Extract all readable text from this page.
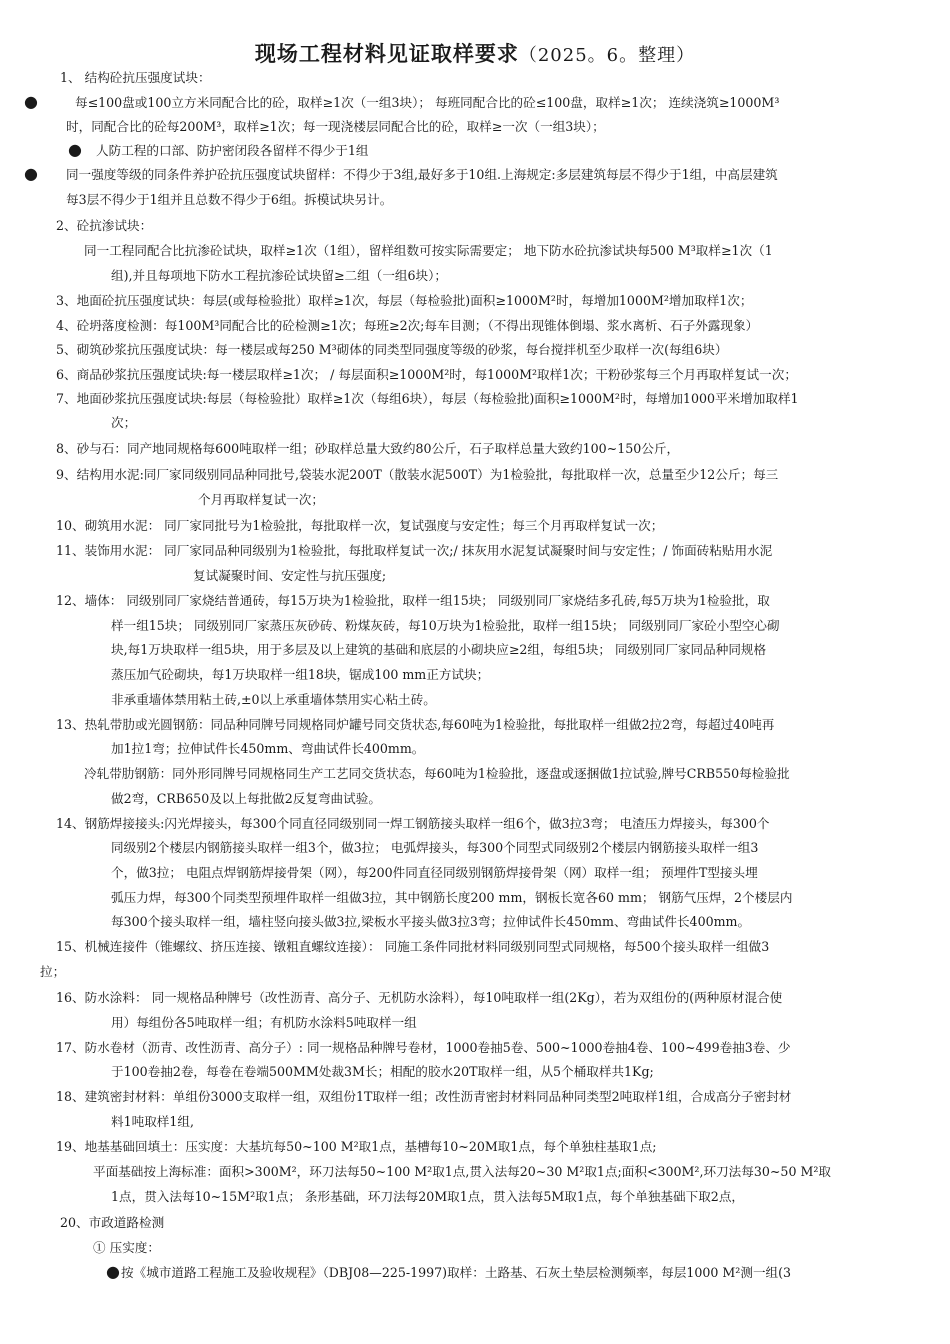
现场工程材料见证取样要求（2025。6。整理）
1、 结构砼抗压强度试块：
每≤100盘或100立方米同配合比的砼，取样≥1次（一组3块）； 每班同配合比的砼≤100盘，取样≥1次； 连续浇筑≥1000M³
时，同配合比的砼每200M³，取样≥1次；每一现浇楼层同配合比的砼，取样≥一次（一组3块）；
人防工程的口部、防护密闭段各留样不得少于1组
同一强度等级的同条件养护砼抗压强度试块留样：不得少于3组,最好多于10组.上海规定:多层建筑每层不得少于1组，中高层建筑
每3层不得少于1组并且总数不得少于6组。拆模试块另计。
2、砼抗渗试块：
同一工程同配合比抗渗砼试块，取样≥1次（1组），留样组数可按实际需要定； 地下防水砼抗渗试块每500 M³取样≥1次（1
组),并且每项地下防水工程抗渗砼试块留≥二组（一组6块）；
3、地面砼抗压强度试块：每层(或每检验批）取样≥1次，每层（每检验批)面积≥1000M²时，每增加1000M²增加取样1次；
4、砼坍落度检测：每100M³同配合比的砼检测≥1次；每班≥2次;每车目测；（不得出现锥体倒塌、浆水离析、石子外露现象）
5、砌筑砂浆抗压强度试块：每一楼层或每250 M³砌体的同类型同强度等级的砂浆，每台搅拌机至少取样一次(每组6块）
6、商品砂浆抗压强度试块:每一楼层取样≥1次； / 每层面积≥1000M²时，每1000M²取样1次；干粉砂浆每三个月再取样复试一次；
7、地面砂浆抗压强度试块:每层（每检验批）取样≥1次（每组6块），每层（每检验批)面积≥1000M²时，每增加1000平米增加取样1
次；
8、砂与石：同产地同规格每600吨取样一组；砂取样总量大致约80公斤，石子取样总量大致约100~150公斤，
9、结构用水泥:同厂家同级别同品种同批号,袋装水泥200T（散装水泥500T）为1检验批，每批取样一次，总量至少12公斤；每三
个月再取样复试一次；
10、砌筑用水泥： 同厂家同批号为1检验批，每批取样一次，复试强度与安定性；每三个月再取样复试一次；
11、装饰用水泥： 同厂家同品种同级别为1检验批，每批取样复试一次;/ 抹灰用水泥复试凝聚时间与安定性；/ 饰面砖粘贴用水泥
复试凝聚时间、安定性与抗压强度;
12、墙体： 同级别同厂家烧结普通砖，每15万块为1检验批，取样一组15块； 同级别同厂家烧结多孔砖,每5万块为1检验批，取
样一组15块； 同级别同厂家蒸压灰砂砖、粉煤灰砖，每10万块为1检验批，取样一组15块； 同级别同厂家砼小型空心砌
块,每1万块取样一组5块，用于多层及以上建筑的基础和底层的小砌块应≥2组，每组5块； 同级别同厂家同品种同规格
蒸压加气砼砌块，每1万块取样一组18块，锯成100 mm正方试块；
非承重墙体禁用粘土砖,±0以上承重墙体禁用实心粘土砖。
13、热轧带肋或光圆钢筋：同品种同牌号同规格同炉罐号同交货状态,每60吨为1检验批，每批取样一组做2拉2弯，每超过40吨再
加1拉1弯；拉伸试件长450mm、弯曲试件长400mm。
冷轧带肋钢筋：同外形同牌号同规格同生产工艺同交货状态，每60吨为1检验批，逐盘或逐捆做1拉试验,牌号CRB550每检验批
做2弯，CRB650及以上每批做2反复弯曲试验。
14、钢筋焊接接头:闪光焊接头，每300个同直径同级别同一焊工钢筋接头取样一组6个，做3拉3弯； 电渣压力焊接头，每300个
同级别2个楼层内钢筋接头取样一组3个，做3拉； 电弧焊接头，每300个同型式同级别2个楼层内钢筋接头取样一组3
个，做3拉； 电阻点焊钢筋焊接骨架（网），每200件同直径同级别钢筋焊接骨架（网）取样一组； 预埋件T型接头埋
弧压力焊，每300个同类型预埋件取样一组做3拉，其中钢筋长度200 mm，钢板长宽各60 mm； 钢筋气压焊，2个楼层内
每300个接头取样一组，墙柱竖向接头做3拉,梁板水平接头做3拉3弯；拉伸试件长450mm、弯曲试件长400mm。
15、机械连接件（锥螺纹、挤压连接、镦粗直螺纹连接）： 同施工条件同批材料同级别同型式同规格，每500个接头取样一组做3
拉；
16、防水涂料： 同一规格品种牌号（改性沥青、高分子、无机防水涂料），每10吨取样一组(2Kg），若为双组份的(两种原材混合使
用）每组份各5吨取样一组；有机防水涂料5吨取样一组
17、防水卷材（沥青、改性沥青、高分子）: 同一规格品种牌号卷材，1000卷抽5卷、500~1000卷抽4卷、100~499卷抽3卷、少
于100卷抽2卷，每卷在卷端500MM处裁3M长；相配的胶水20T取样一组，从5个桶取样共1Kg;
18、建筑密封材料：单组份3000支取样一组，双组份1T取样一组；改性沥青密封材料同品种同类型2吨取样1组，合成高分子密封材
料1吨取样1组,
19、地基基础回填土：压实度：大基坑每50~100 M²取1点，基槽每10~20M取1点，每个单独柱基取1点;
平面基础按上海标准：面积>300M²，环刀法每50~100 M²取1点,贯入法每20~30 M²取1点;面积<300M²,环刀法每30~50 M²取
1点，贯入法每10~15M²取1点； 条形基础，环刀法每20M取1点，贯入法每5M取1点，每个单独基础下取2点，
20、市政道路检测
① 压实度：
按《城市道路工程施工及验收规程》（DBJ08—225-1997)取样：土路基、石灰土垫层检测频率，每层1000 M²测一组(3
●
●
●
●
